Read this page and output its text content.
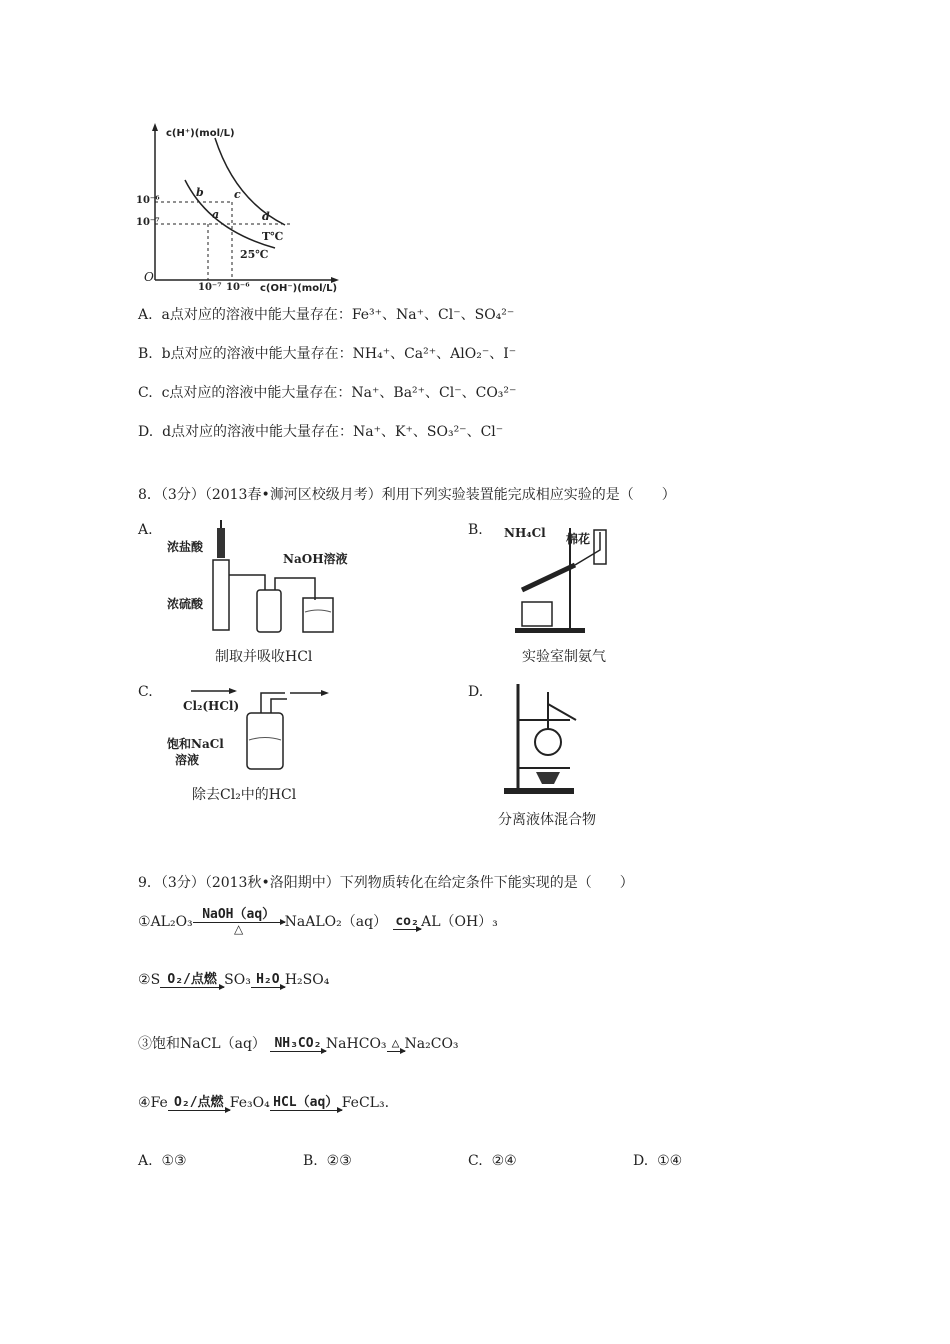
c(H⁺)(mol/L)
c(OH⁻)(mol/L)
O
10⁻⁶
10⁻⁷
10⁻⁷ 10⁻⁶
a
b	c
d
T℃
25℃
A. a点对应的溶液中能大量存在：Fe³⁺、Na⁺、Cl⁻、SO₄²⁻
B. b点对应的溶液中能大量存在：NH₄⁺、Ca²⁺、AlO₂⁻、I⁻
C. c点对应的溶液中能大量存在：Na⁺、Ba²⁺、Cl⁻、CO₃²⁻
D. d点对应的溶液中能大量存在：Na⁺、K⁺、SO₃²⁻、Cl⁻
8．（3分）（2013春•浉河区校级月考）利用下列实验装置能完成相应实验的是（　　）
A.
浓盐酸
浓硫酸
NaOH溶液
制取并吸收HCl
B. NH₄Cl 棉花
实验室制氨气
C.
Cl₂(HCl)
饱和NaCl
溶液
除去Cl₂中的HCl
D.
分离液体混合物
9．（3分）（2013秋•洛阳期中）下列物质转化在给定条件下能实现的是（　　）
①AL₂O₃ NaOH（aq）
△	NaALO₂（aq） co₂ AL（OH）₃
②S O₂/点燃 SO₃ H₂O H₂SO₄
③饱和NaCL（aq） NH₃CO₂ NaHCO₃ △ Na₂CO₃
④Fe O₂/点燃 Fe₃O₄ HCL（aq） FeCL₃.
A. ①③	B. ②③	C. ②④	D. ①④
